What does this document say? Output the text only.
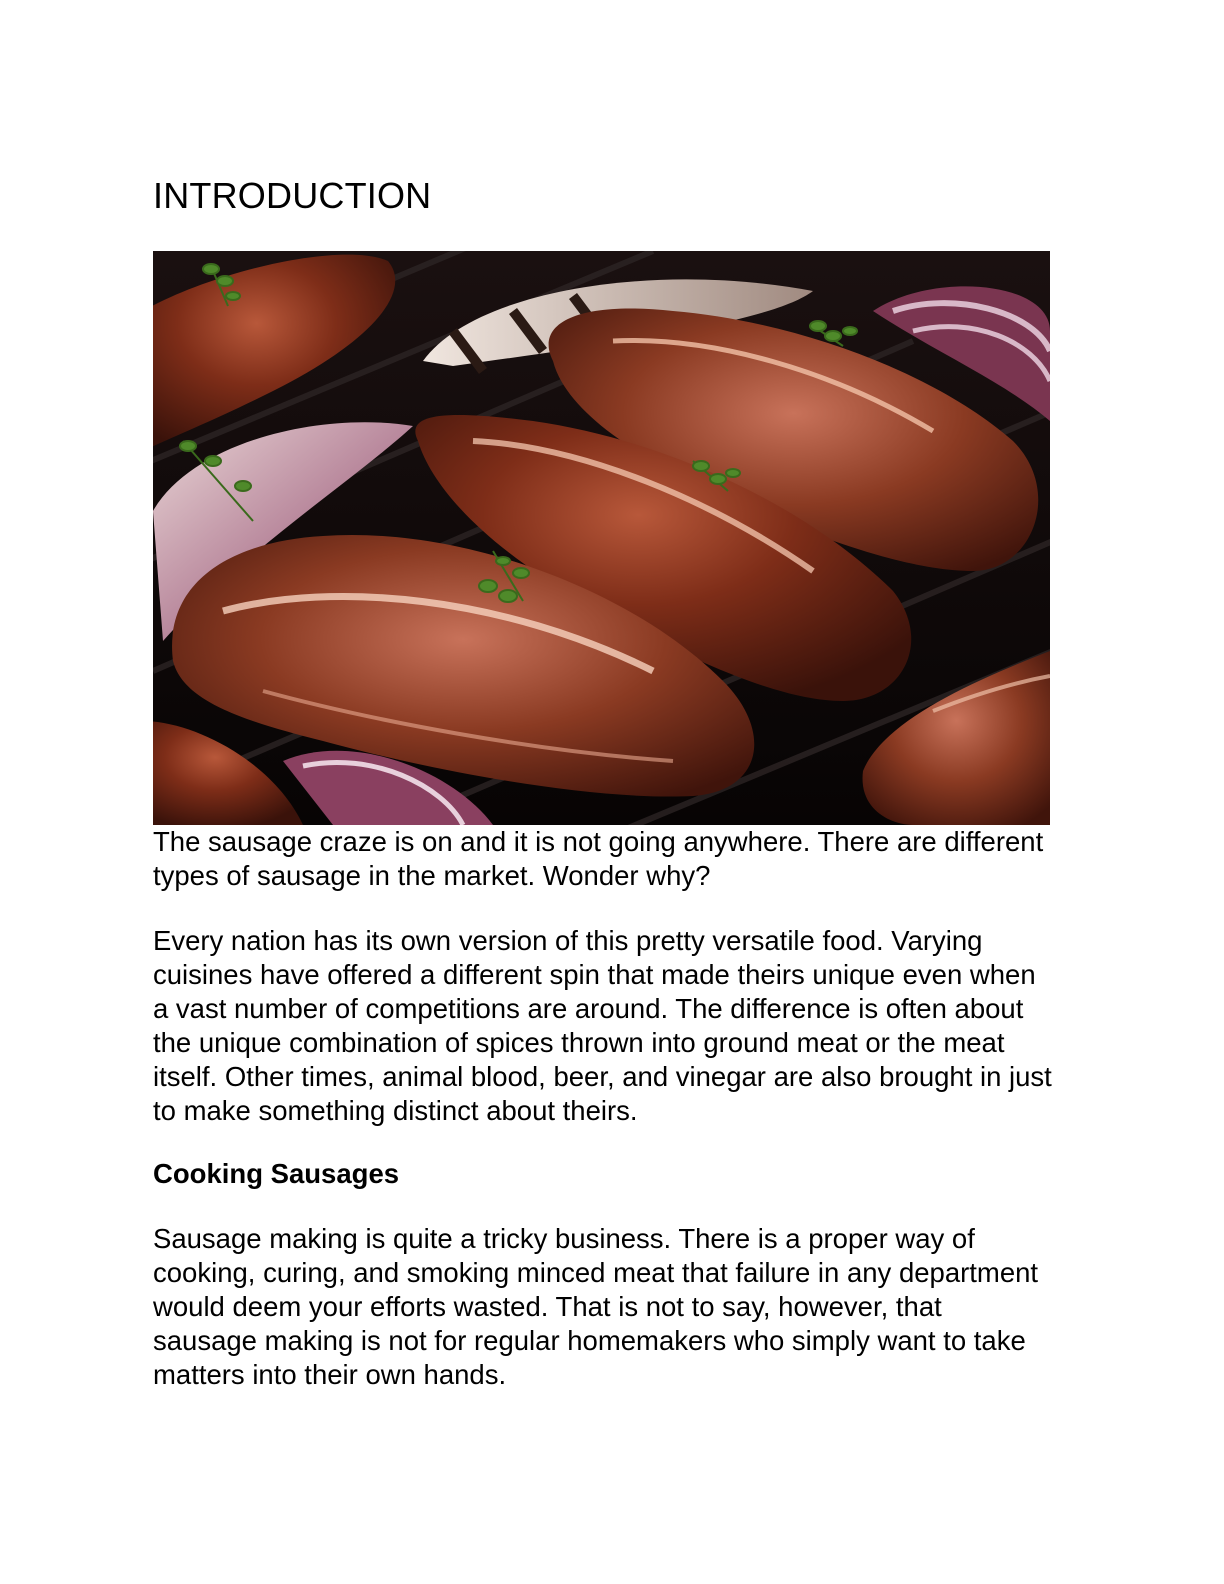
INTRODUCTION

The sausage craze is on and it is not going anywhere. There are different types of sausage in the market. Wonder why?

Every nation has its own version of this pretty versatile food. Varying cuisines have offered a different spin that made theirs unique even when a vast number of competitions are around. The difference is often about the unique combination of spices thrown into ground meat or the meat itself. Other times, animal blood, beer, and vinegar are also brought in just to make something distinct about theirs.

Cooking Sausages

Sausage making is quite a tricky business. There is a proper way of cooking, curing, and smoking minced meat that failure in any department would deem your efforts wasted. That is not to say, however, that sausage making is not for regular homemakers who simply want to take matters into their own hands.
